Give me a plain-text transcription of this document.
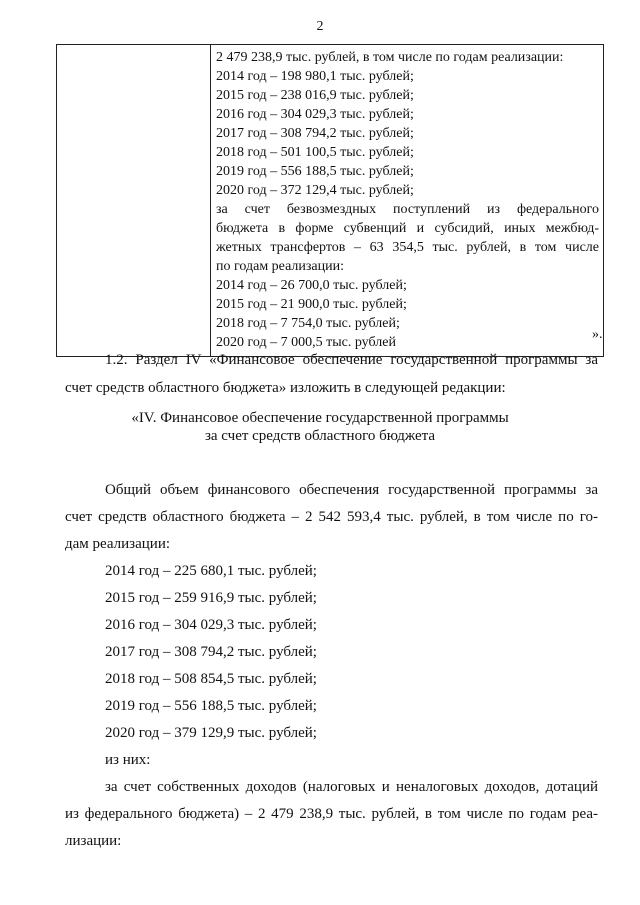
2

2 479 238,9 тыс. рублей, в том числе по годам реализации:
2014 год – 198 980,1 тыс. рублей;
2015 год – 238 016,9 тыс. рублей;
2016 год – 304 029,3 тыс. рублей;
2017 год – 308 794,2 тыс. рублей;
2018 год – 501 100,5 тыс. рублей;
2019 год – 556 188,5 тыс. рублей;
2020 год – 372 129,4 тыс. рублей;
за счет безвозмездных поступлений из федерального
бюджета в форме субвенций и субсидий, иных межбюд-
жетных трансфертов – 63 354,5 тыс. рублей, в том числе
по годам реализации:
2014 год – 26 700,0 тыс. рублей;
2015 год – 21 900,0 тыс. рублей;
2018 год – 7 754,0 тыс. рублей;
2020 год – 7 000,5 тыс. рублей
».
1.2. Раздел IV «Финансовое обеспечение государственной программы за
счет средств областного бюджета» изложить в следующей редакции:
«IV. Финансовое обеспечение государственной программы
за счет средств областного бюджета
Общий объем финансового обеспечения государственной программы за
счет средств областного бюджета – 2 542 593,4 тыс. рублей, в том числе по го-
дам реализации:
2014 год – 225 680,1 тыс. рублей;
2015 год – 259 916,9 тыс. рублей;
2016 год – 304 029,3 тыс. рублей;
2017 год – 308 794,2 тыс. рублей;
2018 год – 508 854,5 тыс. рублей;
2019 год – 556 188,5 тыс. рублей;
2020 год – 379 129,9 тыс. рублей;
из них:
за счет собственных доходов (налоговых и неналоговых доходов, дотаций
из федерального бюджета) – 2 479 238,9 тыс. рублей, в том числе по годам реа-
лизации:
